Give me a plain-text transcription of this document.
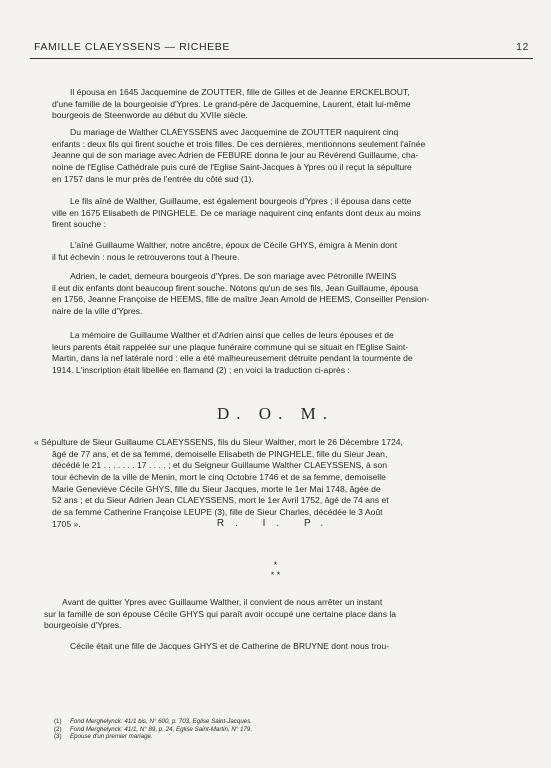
FAMILLE CLAEYSSENS — RICHEBE	12
Il épousa en 1645 Jacquemine de ZOUTTER, fille de Gilles et de Jeanne ERCKELBOUT,
d'une famille de la bourgeoisie d'Ypres. Le grand-père de Jacquemine, Laurent, était lui-même
bourgeois de Steenworde au début du XVIIe siècle.
Du mariage de Walther CLAEYSSENS avec Jacquemine de ZOUTTER naquirent cinq
enfants : deux fils qui firent souche et trois filles. De ces dernières, mentionnons seulement l'aînée
Jeanne qui de son mariage avec Adrien de FEBURE donna le jour au Révérend Guillaume, cha-
noine de l'Eglise Cathédrale puis curé de l'Eglise Saint-Jacques à Ypres où il reçut la sépulture
en 1757 dans le mur près de l'entrée du côté sud (1).
Le fils aîné de Walther, Guillaume, est également bourgeois d'Ypres ; il épousa dans cette
ville en 1675 Elisabeth de PINGHELE. De ce mariage naquirent cinq enfants dont deux au moins
firent souche :
L'aîné Guillaume Walther, notre ancêtre, époux de Cécile GHYS, émigra à Menin dont
il fut échevin : nous le retrouverons tout à l'heure.
Adrien, le cadet, demeura bourgeois d'Ypres. De son mariage avec Pétronille IWEINS
il eut dix enfants dont beaucoup firent souche. Notons qu'un de ses fils, Jean Guillaume, épousa
en 1756, Jeanne Françoise de HEEMS, fille de maître Jean Arnold de HEEMS, Conseiller Pension-
naire de la ville d'Ypres.
La mémoire de Guillaume Walther et d'Adrien ainsi que celles de leurs épouses et de
leurs parents était rappelée sur une plaque funéraire commune qui se situait en l'Eglise Saint-
Martin, dans la nef latérale nord : elle a été malheureusement détruite pendant la tourmente de
1914. L'inscription était libellée en flamand (2) ; en voici la traduction ci-après :
« Sépulture de Sieur Guillaume CLAEYSSENS, fils du Sieur Walther, mort le 26 Décembre 1724,
âgé de 77 ans, et de sa femme, demoiselle Elisabeth de PINGHELE, fille du Sieur Jean,
décédé le 21 . . . . . . . 17 . . . . ; et du Seigneur Guillaume Walther CLAEYSSENS, à son
tour échevin de la ville de Menin, mort le cinq Octobre 1746 et de sa femme, demoiselle
Marie Geneviève Cécile GHYS, fille du Sieur Jacques, morte le 1er Mai 1748, âgée de
52 ans ; et du Sieur Adrien Jean CLAEYSSENS, mort le 1er Avril 1752, âgé de 74 ans et
de sa femme Catherine Françoise LEUPE (3), fille de Sieur Charles, décédée le 3 Août
1705 ».
Avant de quitter Ypres avec Guillaume Walther, il convient de nous arrêter un instant
sur la famille de son épouse Cécile GHYS qui paraît avoir occupé une certaine place dans la
bourgeoisie d'Ypres.
Cécile était une fille de Jacques GHYS et de Catherine de BRUYNE dont nous trou-
D. O. M.
R. I. P.
*
* *
(1) Fond Merghelynck: 41/1 bis, N° 600, p. 703, Eglise Saint-Jacques.
(2) Fond Merghelynck: 41/1, N° 89, p. 24, Eglise Saint-Martin, N° 179.
(3) Epouse d'un premier mariage.
